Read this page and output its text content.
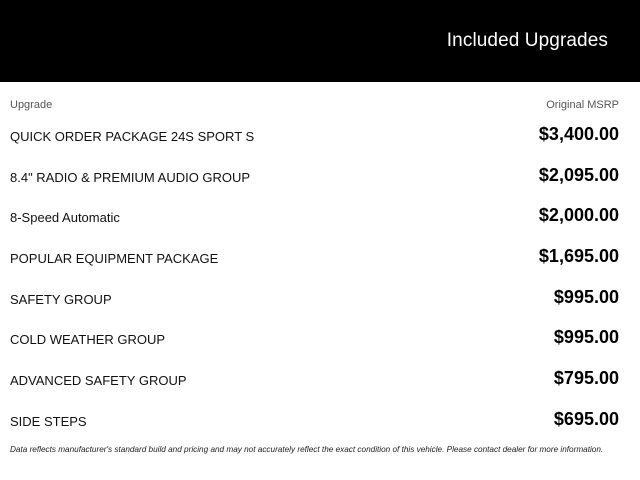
Included Upgrades
Upgrade	Original MSRP
QUICK ORDER PACKAGE 24S SPORT S	$3,400.00
8.4" RADIO & PREMIUM AUDIO GROUP	$2,095.00
8-Speed Automatic	$2,000.00
POPULAR EQUIPMENT PACKAGE	$1,695.00
SAFETY GROUP	$995.00
COLD WEATHER GROUP	$995.00
ADVANCED SAFETY GROUP	$795.00
SIDE STEPS	$695.00
Data reflects manufacturer's standard build and pricing and may not accurately reflect the exact condition of this vehicle. Please contact dealer for more information.
